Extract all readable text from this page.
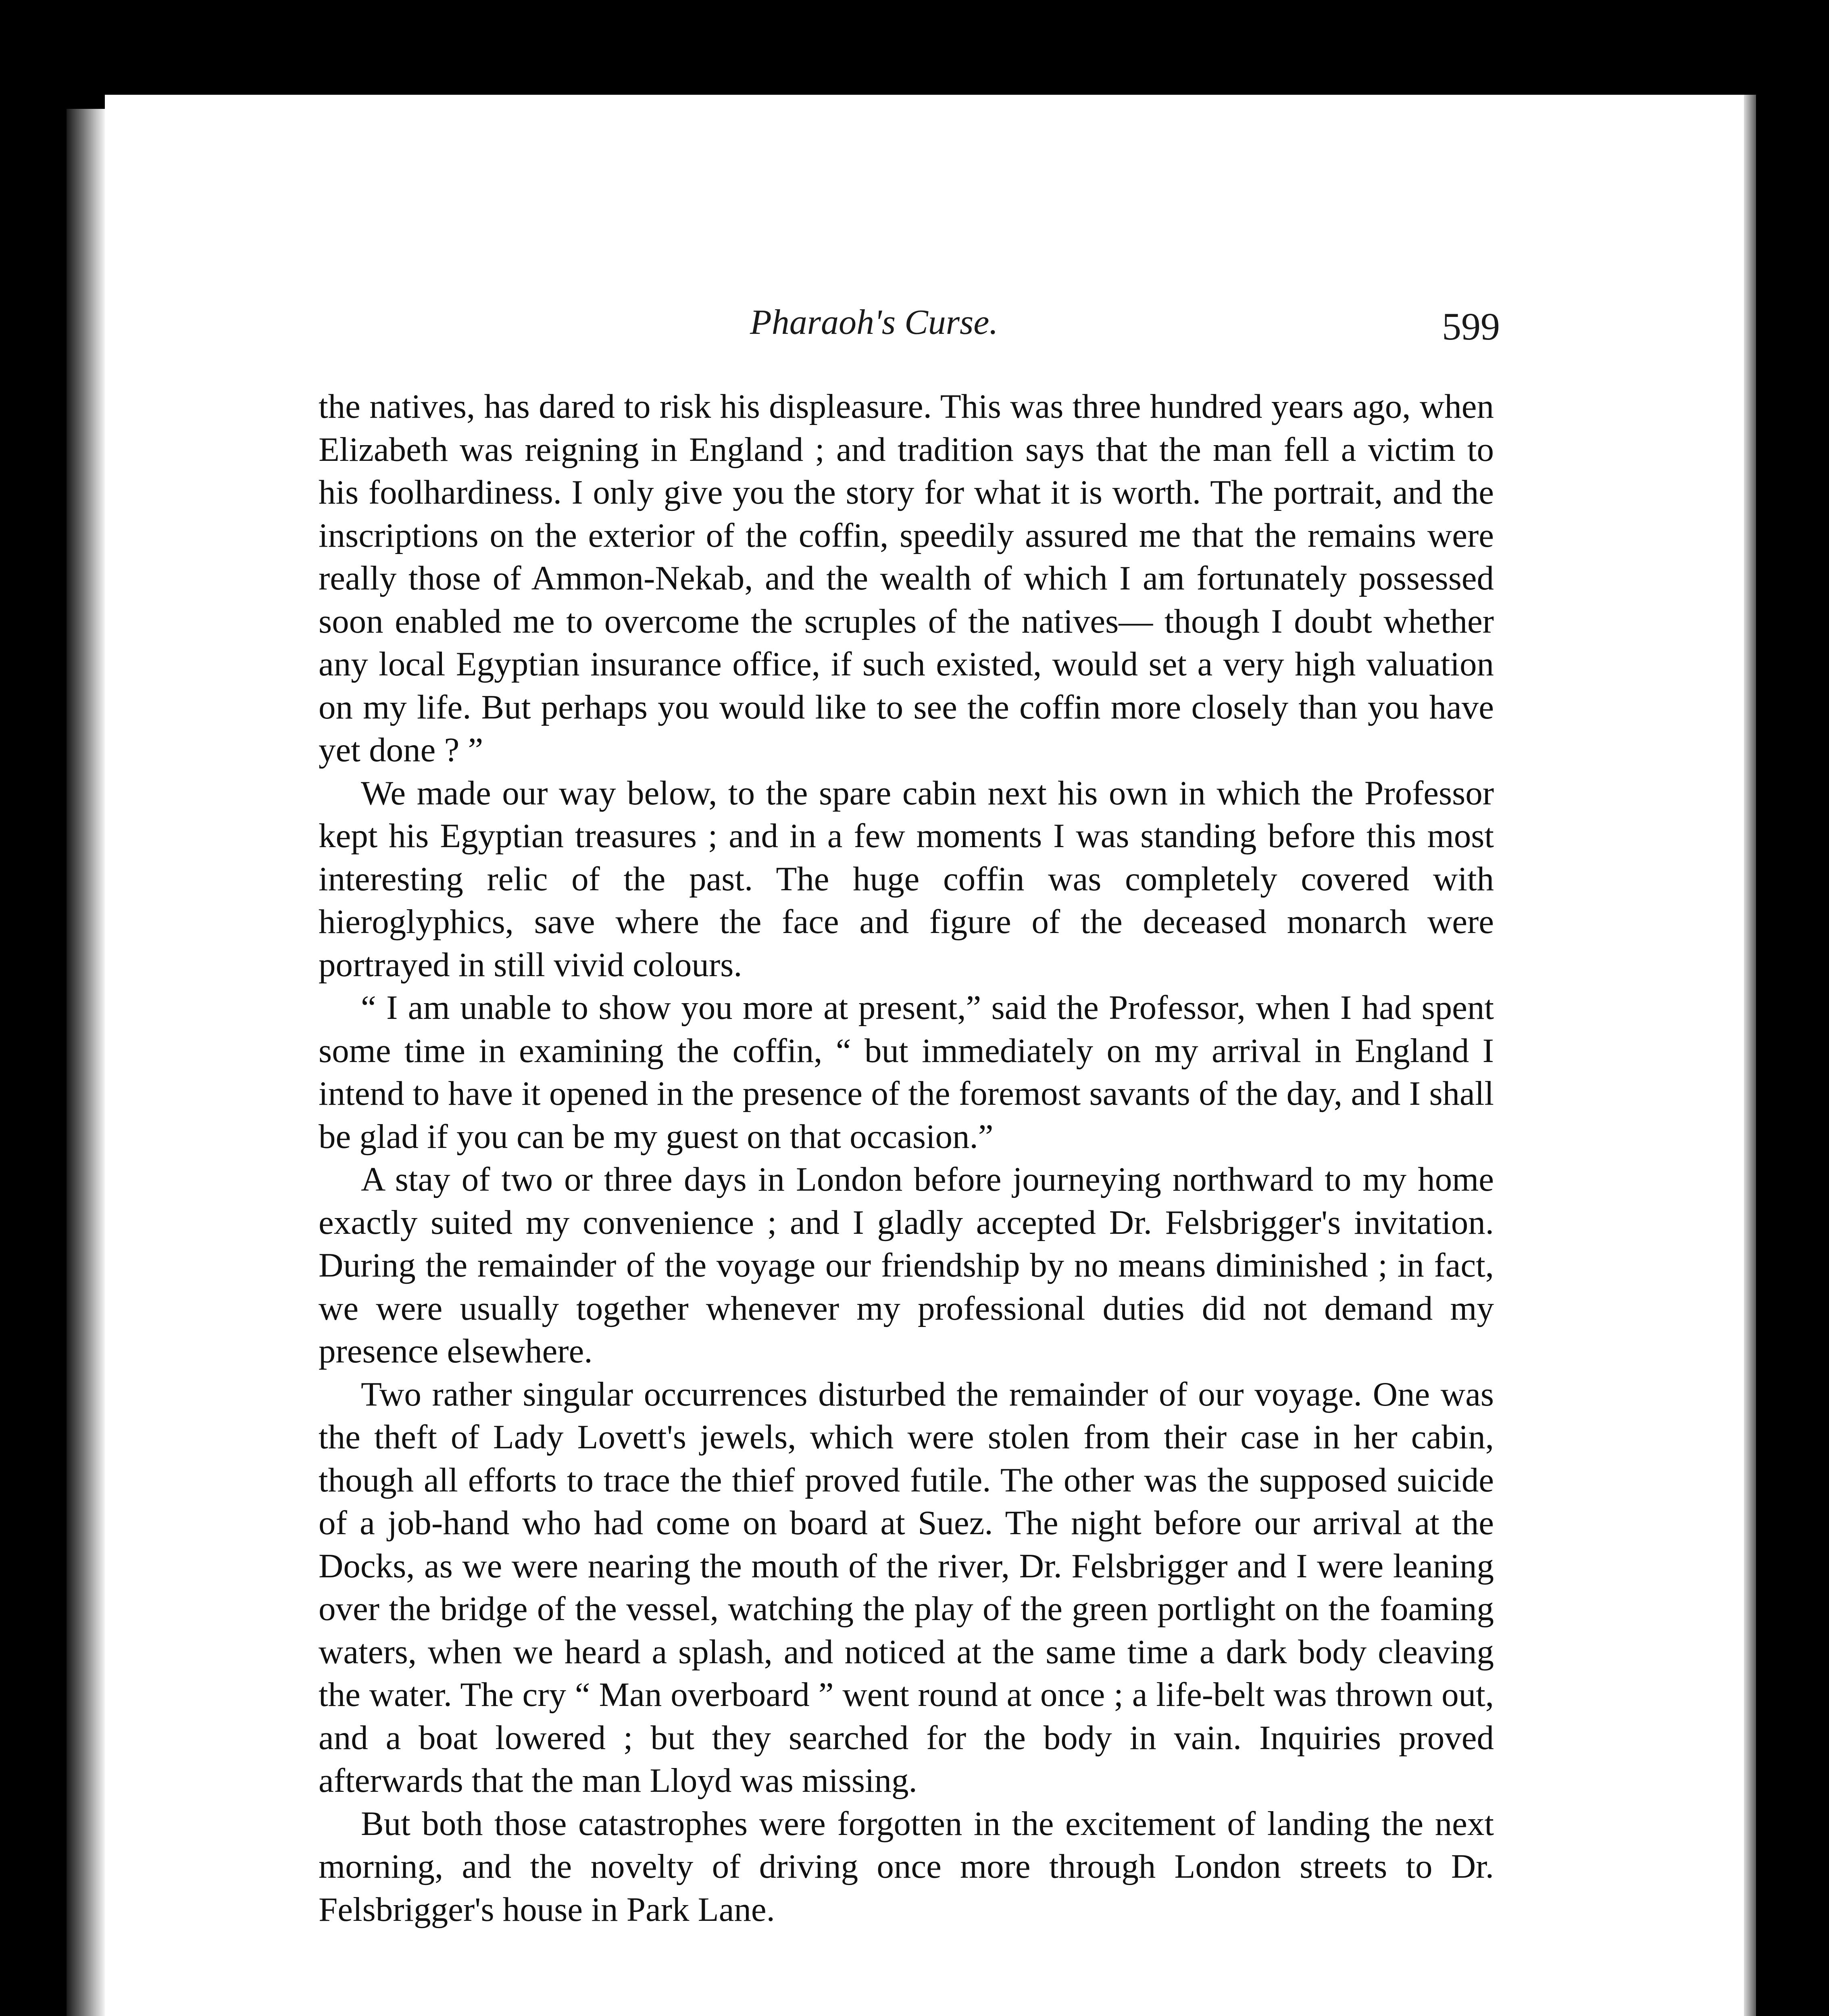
Pharaoh's Curse.	599

the natives, has dared to risk his displeasure. This was three hundred years ago, when Elizabeth was reigning in England ; and tradition says that the man fell a victim to his foolhardiness. I only give you the story for what it is worth. The portrait, and the inscriptions on the exterior of the coffin, speedily assured me that the remains were really those of Ammon-Nekab, and the wealth of which I am fortunately possessed soon enabled me to overcome the scruples of the natives— though I doubt whether any local Egyptian insurance office, if such existed, would set a very high valuation on my life. But perhaps you would like to see the coffin more closely than you have yet done ? ”

We made our way below, to the spare cabin next his own in which the Professor kept his Egyptian treasures ; and in a few moments I was standing before this most interesting relic of the past. The huge coffin was completely covered with hieroglyphics, save where the face and figure of the deceased monarch were portrayed in still vivid colours.

“ I am unable to show you more at present,” said the Professor, when I had spent some time in examining the coffin, “ but immediately on my arrival in England I intend to have it opened in the presence of the foremost savants of the day, and I shall be glad if you can be my guest on that occasion.”

A stay of two or three days in London before journeying northward to my home exactly suited my convenience ; and I gladly accepted Dr. Felsbrigger's invitation. During the remainder of the voyage our friendship by no means diminished ; in fact, we were usually together whenever my professional duties did not demand my presence elsewhere.

Two rather singular occurrences disturbed the remainder of our voyage. One was the theft of Lady Lovett's jewels, which were stolen from their case in her cabin, though all efforts to trace the thief proved futile. The other was the supposed suicide of a job-hand who had come on board at Suez. The night before our arrival at the Docks, as we were nearing the mouth of the river, Dr. Felsbrigger and I were leaning over the bridge of the vessel, watching the play of the green portlight on the foaming waters, when we heard a splash, and noticed at the same time a dark body cleaving the water. The cry “ Man overboard ” went round at once ; a life-belt was thrown out, and a boat lowered ; but they searched for the body in vain. Inquiries proved afterwards that the man Lloyd was missing.

But both those catastrophes were forgotten in the excitement of landing the next morning, and the novelty of driving once more through London streets to Dr. Felsbrigger's house in Park Lane.
